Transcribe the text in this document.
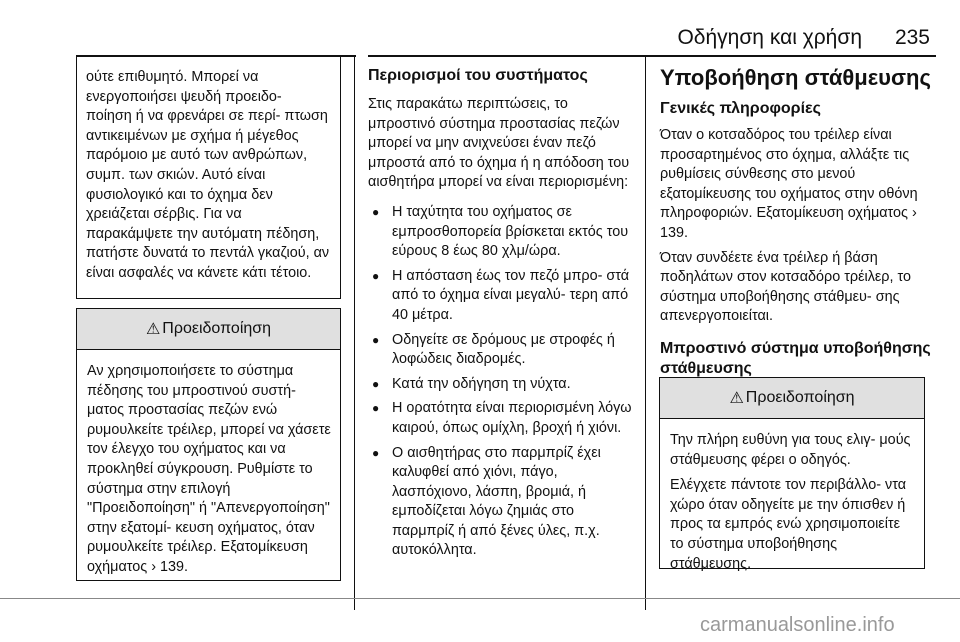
Οδήγηση και χρήση	235
ούτε επιθυμητό. Μπορεί να ενεργοποιήσει ψευδή προειδο‐ ποίηση ή να φρενάρει σε περί‐ πτωση αντικειμένων με σχήμα ή μέγεθος παρόμοιο με αυτό των ανθρώπων, συμπ. των σκιών. Αυτό είναι φυσιολογικό και το όχημα δεν χρειάζεται σέρβις. Για να παρακάμψετε την αυτόματη πέδηση, πατήστε δυνατά το πεντάλ γκαζιού, αν είναι ασφαλές να κάνετε κάτι τέτοιο.
⚠ Προειδοποίηση
Αν χρησιμοποιήσετε το σύστημα πέδησης του μπροστινού συστή‐ ματος προστασίας πεζών ενώ ρυμουλκείτε τρέιλερ, μπορεί να χάσετε τον έλεγχο του οχήματος και να προκληθεί σύγκρουση. Ρυθμίστε το σύστημα στην επιλογή "Προειδοποίηση" ή "Απενεργοποίηση" στην εξατομί‐ κευση οχήματος, όταν ρυμουλκείτε τρέιλερ. Εξατομίκευση οχήματος › 139.
Περιορισμοί του συστήματος
Στις παρακάτω περιπτώσεις, το μπροστινό σύστημα προστασίας πεζών μπορεί να μην ανιχνεύσει έναν πεζό μπροστά από το όχημα ή η απόδοση του αισθητήρα μπορεί να είναι περιορισμένη:
● Η ταχύτητα του οχήματος σε εμπροσθοπορεία βρίσκεται εκτός του εύρους 8 έως 80 χλμ/ώρα.
● Η απόσταση έως τον πεζό μπρο‐ στά από το όχημα είναι μεγαλύ‐ τερη από 40 μέτρα.
● Οδηγείτε σε δρόμους με στροφές ή λοφώδεις διαδρομές.
● Κατά την οδήγηση τη νύχτα.
● Η ορατότητα είναι περιορισμένη λόγω καιρού, όπως ομίχλη, βροχή ή χιόνι.
● Ο αισθητήρας στο παρμπρίζ έχει καλυφθεί από χιόνι, πάγο, λασπόχιονο, λάσπη, βρομιά, ή εμποδίζεται λόγω ζημιάς στο παρμπρίζ ή από ξένες ύλες, π.χ. αυτοκόλλητα.
Υποβοήθηση στάθμευσης
Γενικές πληροφορίες
Όταν ο κοτσαδόρος του τρέιλερ είναι προσαρτημένος στο όχημα, αλλάξτε τις ρυθμίσεις σύνθεσης στο μενού εξατομίκευσης του οχήματος στην οθόνη πληροφοριών. Εξατομίκευση οχήματος › 139.
Όταν συνδέετε ένα τρέιλερ ή βάση ποδηλάτων στον κοτσαδόρο τρέιλερ, το σύστημα υποβοήθησης στάθμευ‐ σης απενεργοποιείται.
Μπροστινό σύστημα υποβοήθησης στάθμευσης
⚠ Προειδοποίηση

Την πλήρη ευθύνη για τους ελιγ‐ μούς στάθμευσης φέρει ο οδηγός.

Ελέγχετε πάντοτε τον περιβάλλο‐ ντα χώρο όταν οδηγείτε με την όπισθεν ή προς τα εμπρός ενώ χρησιμοποιείτε το σύστημα υποβοήθησης στάθμευσης.

carmanualsonline.info
